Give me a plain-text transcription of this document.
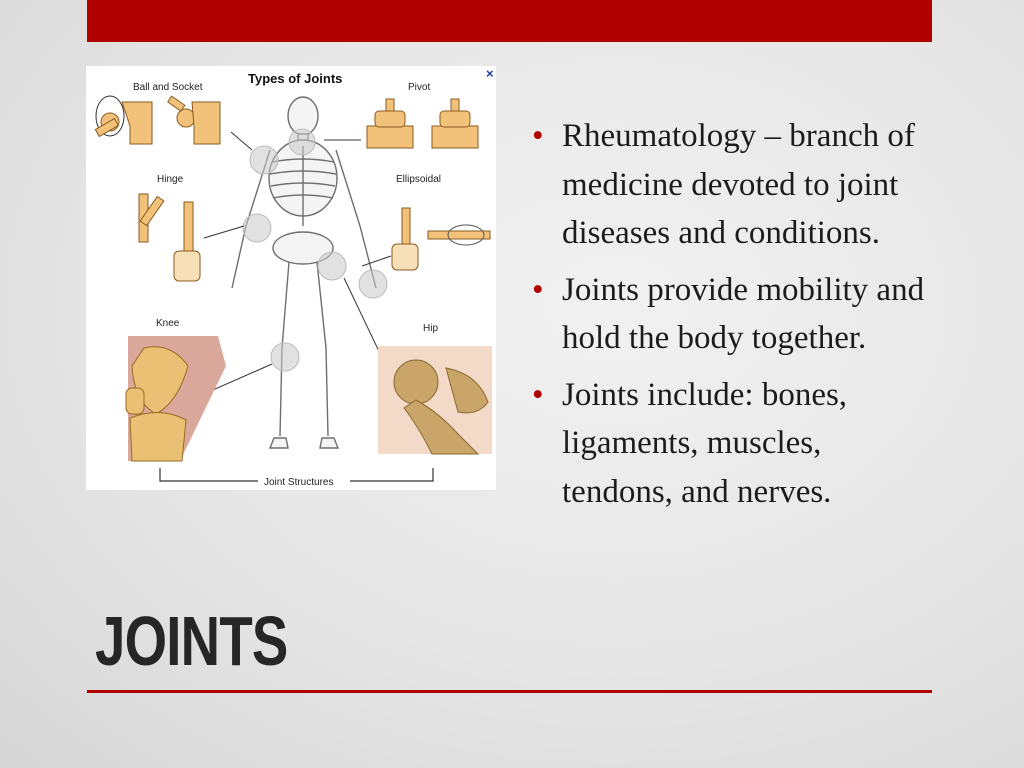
Types of Joints
Ball and Socket	Pivot
×
Hinge	Ellipsoidal
Knee	Hip
Joint Structures
• Rheumatology – branch of medicine devoted to joint diseases and conditions.
• Joints provide mobility and hold the body together.
• Joints include: bones, ligaments, muscles, tendons, and nerves.
JOINTS
